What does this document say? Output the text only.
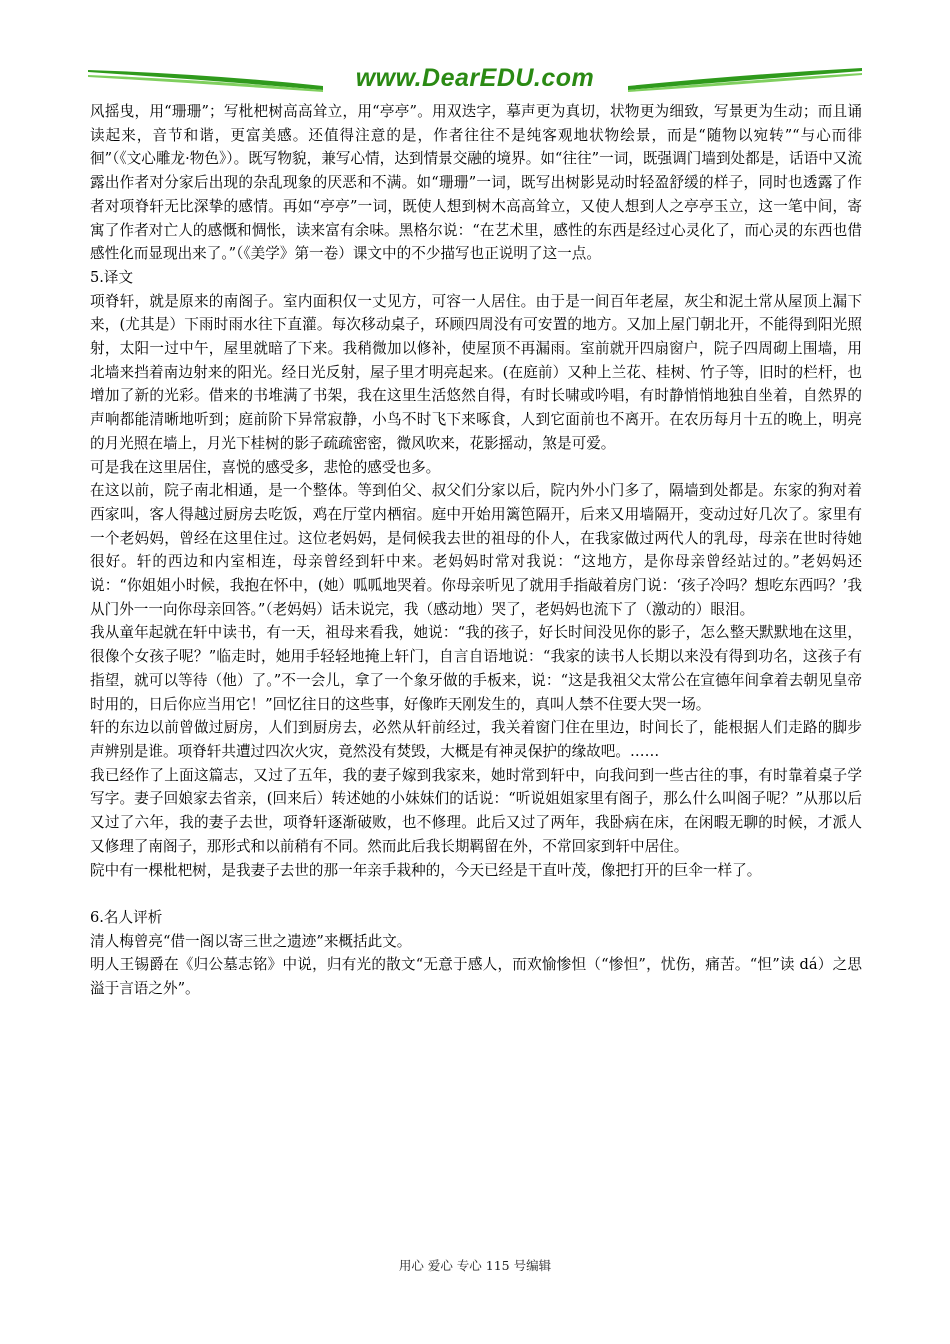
www.DearEDU.com

风摇曳，用“珊珊”；写枇杷树高高耸立，用“亭亭”。用双迭字，摹声更为真切，状物更为细致，写景更为生动；而且诵读起来，音节和谐，更富美感。还值得注意的是，作者往往不是纯客观地状物绘景，而是“随物以宛转”“与心而徘徊”（《文心雕龙·物色》）。既写物貌，兼写心情，达到情景交融的境界。如“往往”一词，既强调门墙到处都是，话语中又流露出作者对分家后出现的杂乱现象的厌恶和不满。如“珊珊”一词，既写出树影晃动时轻盈舒缓的样子，同时也透露了作者对项脊轩无比深挚的感情。再如“亭亭”一词，既使人想到树木高高耸立，又使人想到人之亭亭玉立，这一笔中间，寄寓了作者对亡人的感慨和惆怅，读来富有余味。黑格尔说：“在艺术里，感性的东西是经过心灵化了，而心灵的东西也借感性化而显现出来了。”（《美学》第一卷）课文中的不少描写也正说明了这一点。

5.译文

项脊轩，就是原来的南阁子。室内面积仅一丈见方，可容一人居住。由于是一间百年老屋，灰尘和泥土常从屋顶上漏下来，(尤其是）下雨时雨水往下直灌。每次移动桌子，环顾四周没有可安置的地方。又加上屋门朝北开，不能得到阳光照射，太阳一过中午，屋里就暗了下来。我稍微加以修补，使屋顶不再漏雨。室前就开四扇窗户，院子四周砌上围墙，用北墙来挡着南边射来的阳光。经日光反射，屋子里才明亮起来。(在庭前）又种上兰花、桂树、竹子等，旧时的栏杆，也增加了新的光彩。借来的书堆满了书架，我在这里生活悠然自得，有时长啸或吟唱，有时静悄悄地独自坐着，自然界的声响都能清晰地听到；庭前阶下异常寂静，小鸟不时飞下来啄食，人到它面前也不离开。在农历每月十五的晚上，明亮的月光照在墙上，月光下桂树的影子疏疏密密，微风吹来，花影摇动，煞是可爱。

可是我在这里居住，喜悦的感受多，悲怆的感受也多。

在这以前，院子南北相通，是一个整体。等到伯父、叔父们分家以后，院内外小门多了，隔墙到处都是。东家的狗对着西家叫，客人得越过厨房去吃饭，鸡在厅堂内栖宿。庭中开始用篱笆隔开，后来又用墙隔开，变动过好几次了。家里有一个老妈妈，曾经在这里住过。这位老妈妈，是伺候我去世的祖母的仆人，在我家做过两代人的乳母，母亲在世时待她很好。轩的西边和内室相连，母亲曾经到轩中来。老妈妈时常对我说：“这地方，是你母亲曾经站过的。”老妈妈还说：“你姐姐小时候，我抱在怀中，(她）呱呱地哭着。你母亲听见了就用手指敲着房门说：‘孩子冷吗？想吃东西吗？’我从门外一一向你母亲回答。”（老妈妈）话未说完，我（感动地）哭了，老妈妈也流下了（激动的）眼泪。

我从童年起就在轩中读书，有一天，祖母来看我，她说：“我的孩子，好长时间没见你的影子，怎么整天默默地在这里，很像个女孩子呢？”临走时，她用手轻轻地掩上轩门，自言自语地说：“我家的读书人长期以来没有得到功名，这孩子有指望，就可以等待（他）了。”不一会儿，拿了一个象牙做的手板来，说：“这是我祖父太常公在宣德年间拿着去朝见皇帝时用的，日后你应当用它！”回忆往日的这些事，好像昨天刚发生的，真叫人禁不住要大哭一场。

轩的东边以前曾做过厨房，人们到厨房去，必然从轩前经过，我关着窗门住在里边，时间长了，能根据人们走路的脚步声辨别是谁。项脊轩共遭过四次火灾，竟然没有焚毁，大概是有神灵保护的缘故吧。……

我已经作了上面这篇志，又过了五年，我的妻子嫁到我家来，她时常到轩中，向我问到一些古往的事，有时靠着桌子学写字。妻子回娘家去省亲，(回来后）转述她的小妹妹们的话说：“听说姐姐家里有阁子，那么什么叫阁子呢？”从那以后又过了六年，我的妻子去世，项脊轩逐渐破败，也不修理。此后又过了两年，我卧病在床，在闲暇无聊的时候，才派人又修理了南阁子，那形式和以前稍有不同。然而此后我长期羁留在外，不常回家到轩中居住。

院中有一棵枇杷树，是我妻子去世的那一年亲手栽种的，今天已经是干直叶茂，像把打开的巨伞一样了。

6.名人评析

清人梅曾亮“借一阁以寄三世之遗迹”来概括此文。

明人王锡爵在《归公墓志铭》中说，归有光的散文“无意于感人，而欢愉惨怛（“惨怛”，忧伤，痛苦。“怛”读 dá）之思溢于言语之外”。

用心 爱心 专心 115 号编辑
